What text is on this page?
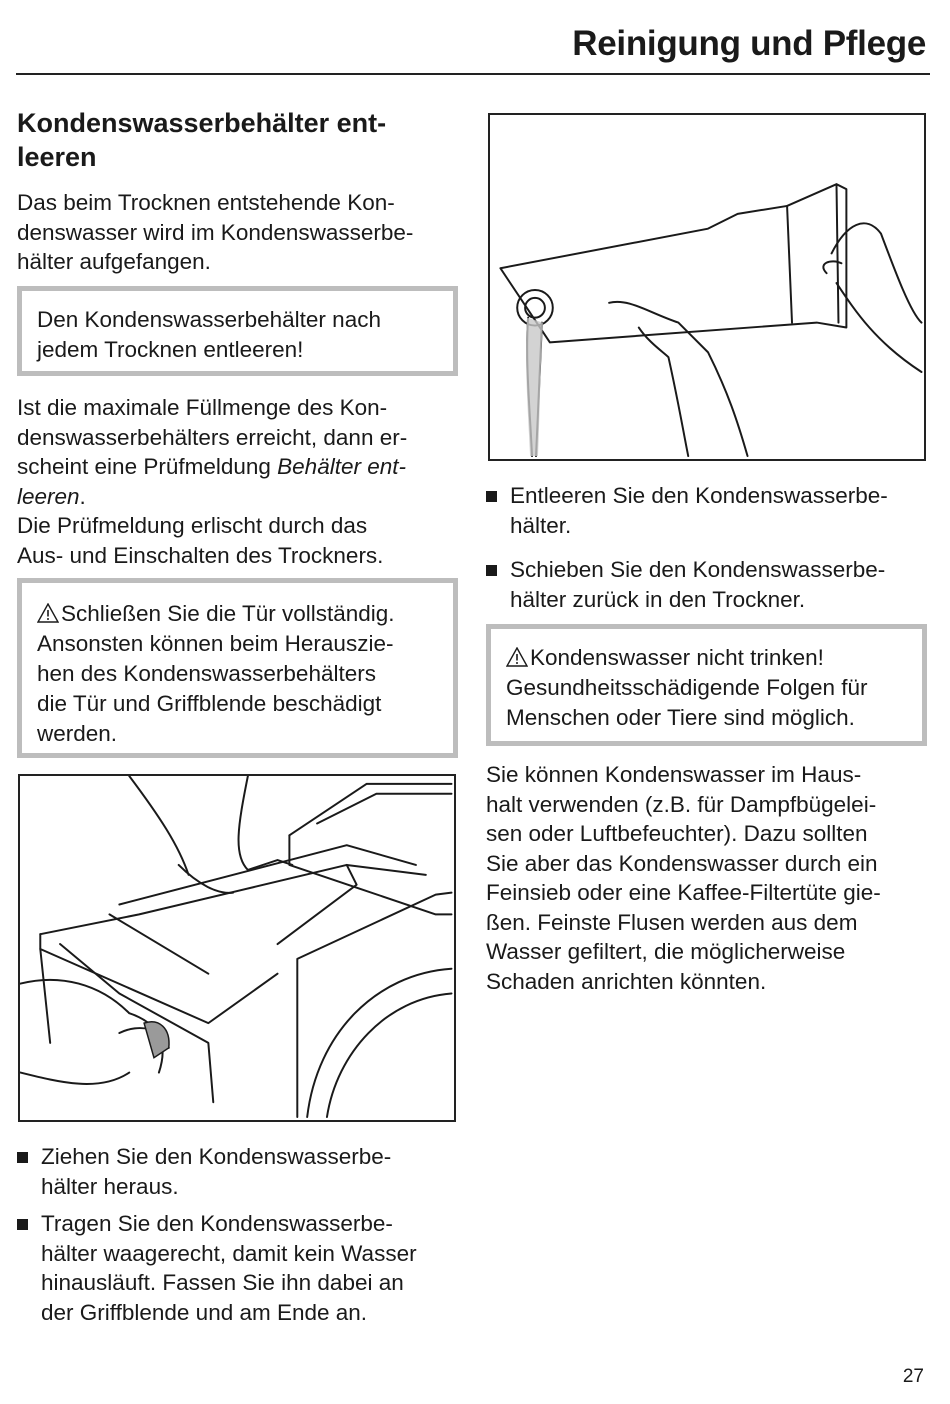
Reinigung und Pflege
Kondenswasserbehälter ent-
leeren

Das beim Trocknen entstehende Kon-
denswasser wird im Kondenswasserbe-
hälter aufgefangen.

Den Kondenswasserbehälter nach
jedem Trocknen entleeren!

Ist die maximale Füllmenge des Kon-
denswasserbehälters erreicht, dann er-
scheint eine Prüfmeldung Behälter ent-
leeren.
Die Prüfmeldung erlischt durch das
Aus- und Einschalten des Trockners.

Schließen Sie die Tür vollständig.
Ansonsten können beim Herauszie-
hen des Kondenswasserbehälters
die Tür und Griffblende beschädigt
werden.

Ziehen Sie den Kondenswasserbe-
hälter heraus.

Tragen Sie den Kondenswasserbe-
hälter waagerecht, damit kein Wasser
hinausläuft. Fassen Sie ihn dabei an
der Griffblende und am Ende an.

Entleeren Sie den Kondenswasserbe-
hälter.

Schieben Sie den Kondenswasserbe-
hälter zurück in den Trockner.

Kondenswasser nicht trinken!
Gesundheitsschädigende Folgen für
Menschen oder Tiere sind möglich.

Sie können Kondenswasser im Haus-
halt verwenden (z.B. für Dampfbügelei-
sen oder Luftbefeuchter). Dazu sollten
Sie aber das Kondenswasser durch ein
Feinsieb oder eine Kaffee-Filtertüte gie-
ßen. Feinste Flusen werden aus dem
Wasser gefiltert, die möglicherweise
Schaden anrichten könnten.

27
